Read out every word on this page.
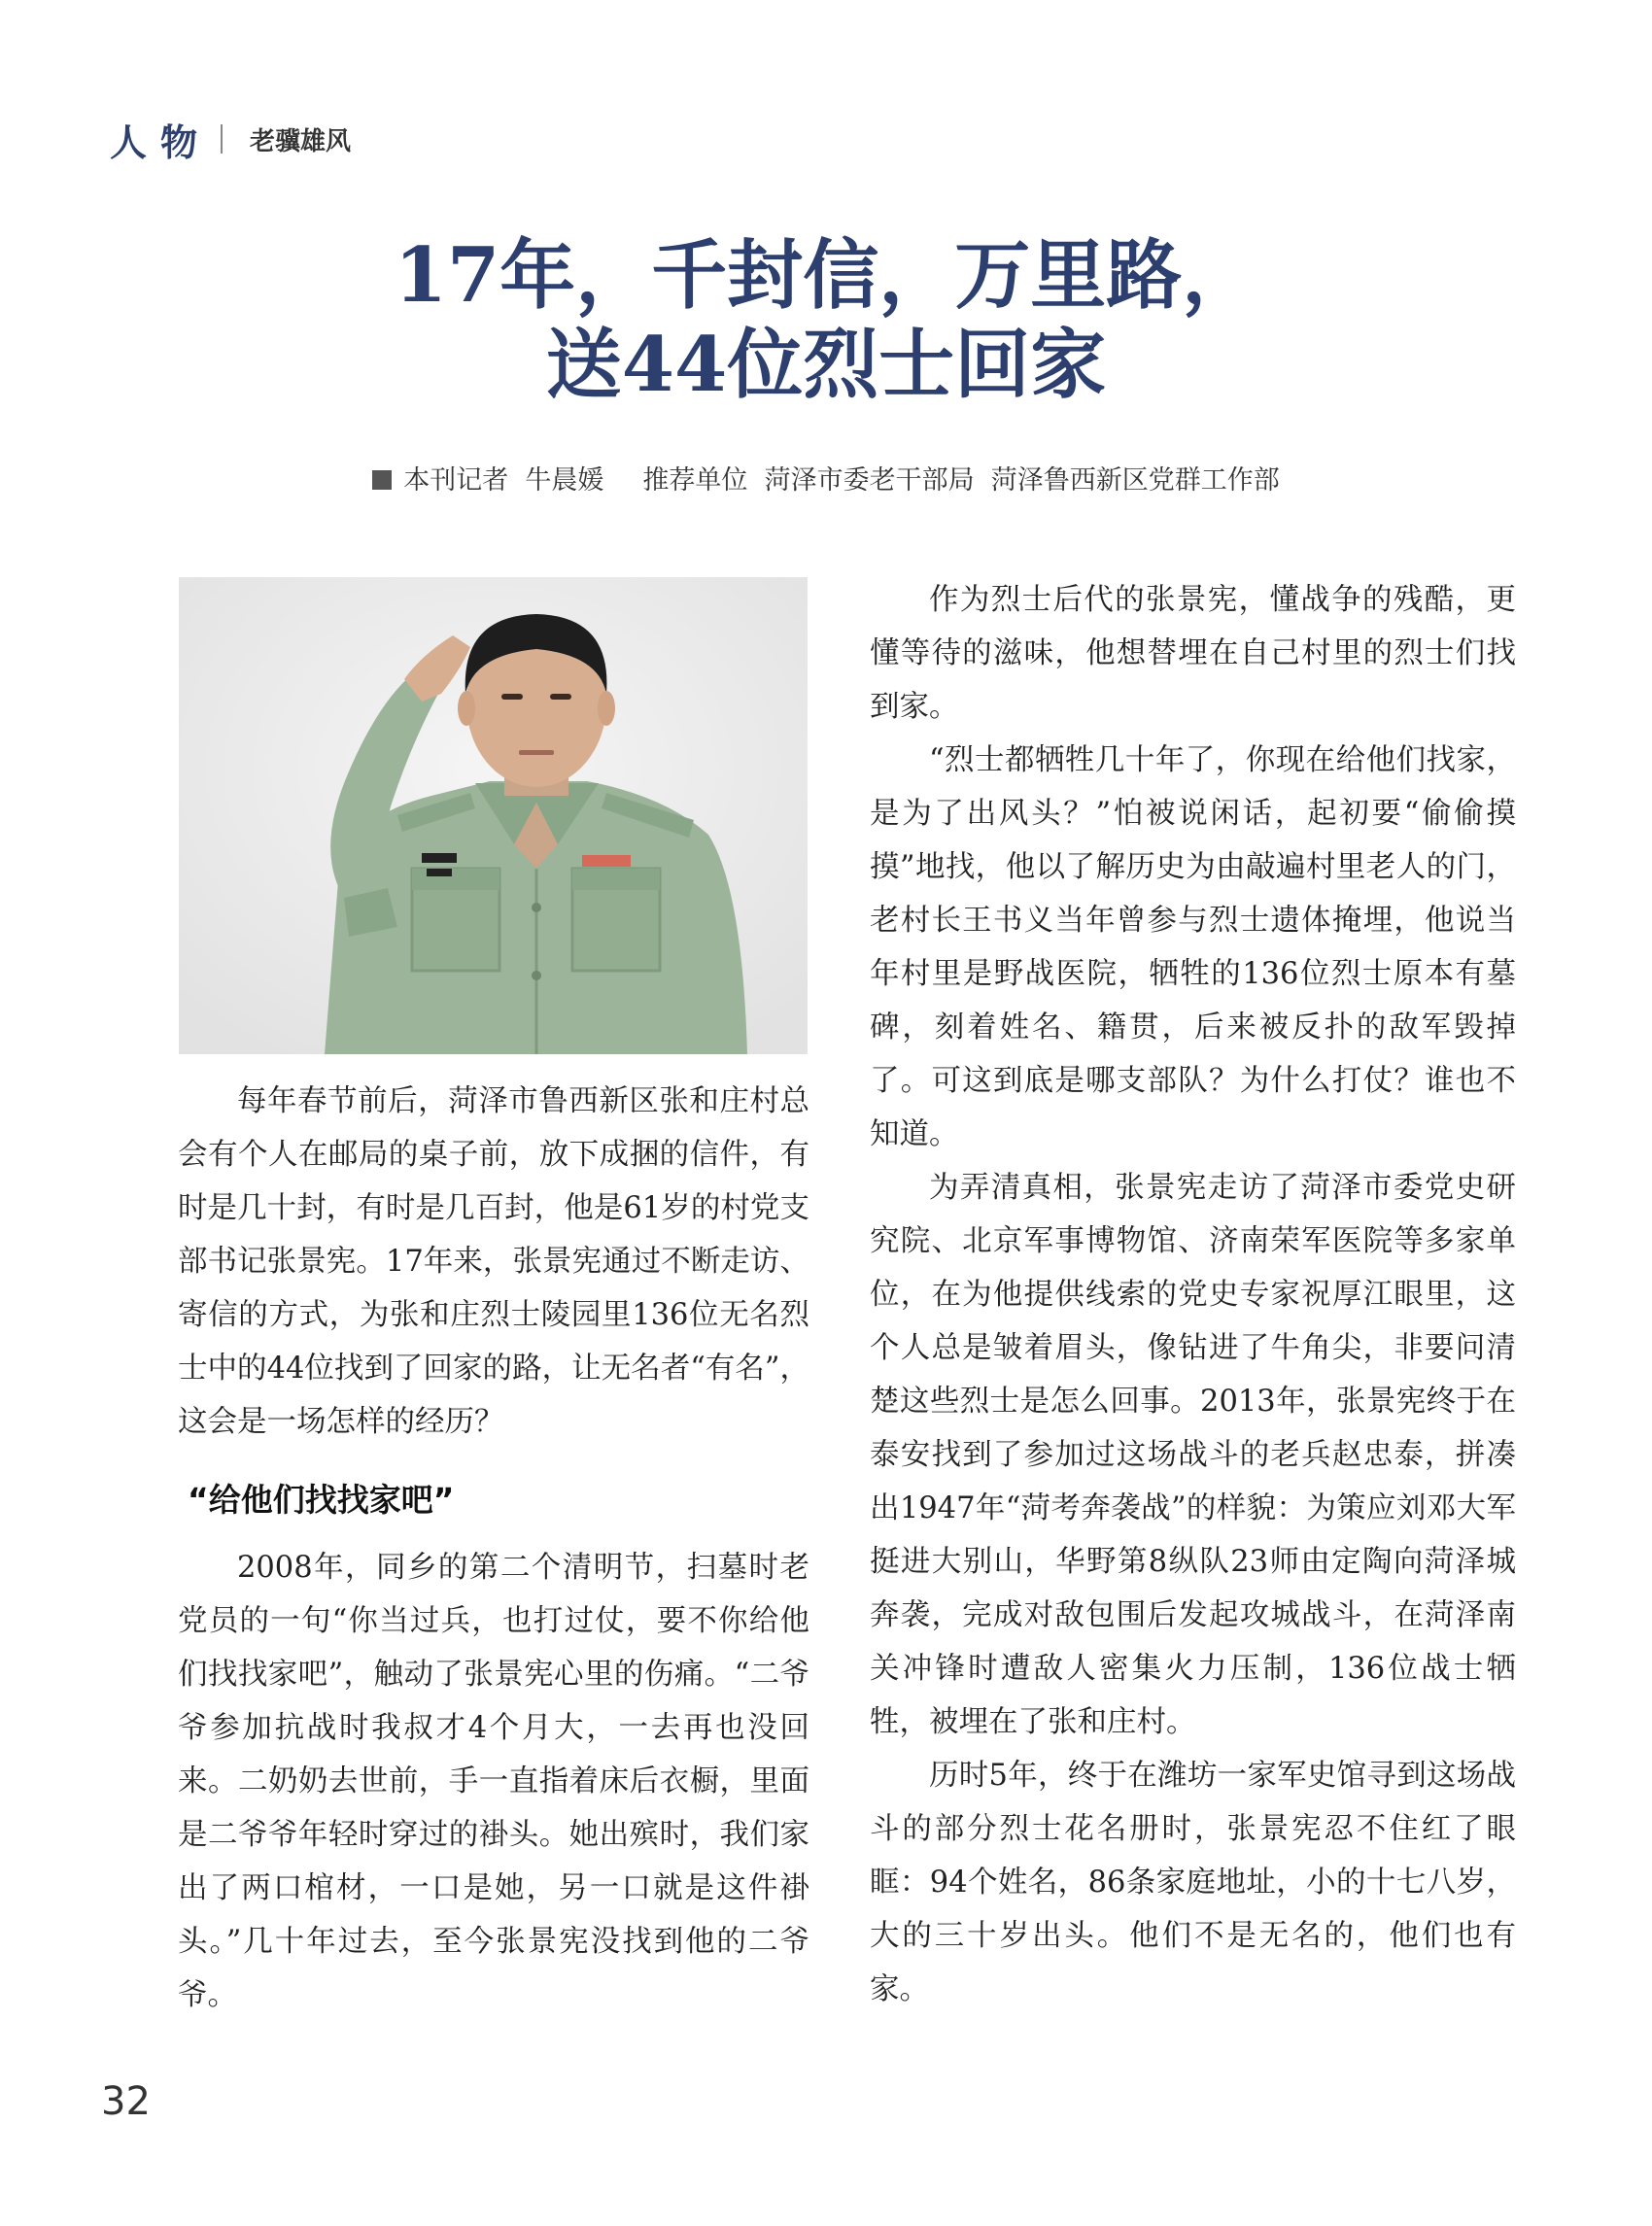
人物 老骥雄风
17年，千封信，万里路，
送44位烈士回家
本刊记者  牛晨媛 推荐单位  菏泽市委老干部局  菏泽鲁西新区党群工作部

每年春节前后，菏泽市鲁西新区张和庄村总会有个人在邮局的桌子前，放下成捆的信件，有时是几十封，有时是几百封，他是61岁的村党支部书记张景宪。17年来，张景宪通过不断走访、寄信的方式，为张和庄烈士陵园里136位无名烈士中的44位找到了回家的路，让无名者“有名”，这会是一场怎样的经历？

“给他们找找家吧”

2008年，同乡的第二个清明节，扫墓时老党员的一句“你当过兵，也打过仗，要不你给他们找找家吧”，触动了张景宪心里的伤痛。“二爷爷参加抗战时我叔才4个月大，一去再也没回来。二奶奶去世前，手一直指着床后衣橱，里面是二爷爷年轻时穿过的褂头。她出殡时，我们家出了两口棺材，一口是她，另一口就是这件褂头。”几十年过去，至今张景宪没找到他的二爷爷。

作为烈士后代的张景宪，懂战争的残酷，更懂等待的滋味，他想替埋在自己村里的烈士们找到家。

“烈士都牺牲几十年了，你现在给他们找家，是为了出风头？”怕被说闲话，起初要“偷偷摸摸”地找，他以了解历史为由敲遍村里老人的门，老村长王书义当年曾参与烈士遗体掩埋，他说当年村里是野战医院，牺牲的136位烈士原本有墓碑，刻着姓名、籍贯，后来被反扑的敌军毁掉了。可这到底是哪支部队？为什么打仗？谁也不知道。

为弄清真相，张景宪走访了菏泽市委党史研究院、北京军事博物馆、济南荣军医院等多家单位，在为他提供线索的党史专家祝厚江眼里，这个人总是皱着眉头，像钻进了牛角尖，非要问清楚这些烈士是怎么回事。2013年，张景宪终于在泰安找到了参加过这场战斗的老兵赵忠泰，拼凑出1947年“菏考奔袭战”的样貌：为策应刘邓大军挺进大别山，华野第8纵队23师由定陶向菏泽城奔袭，完成对敌包围后发起攻城战斗，在菏泽南关冲锋时遭敌人密集火力压制，136位战士牺牲，被埋在了张和庄村。

历时5年，终于在潍坊一家军史馆寻到这场战斗的部分烈士花名册时，张景宪忍不住红了眼眶：94个姓名，86条家庭地址，小的十七八岁，大的三十岁出头。他们不是无名的，他们也有家。

32
